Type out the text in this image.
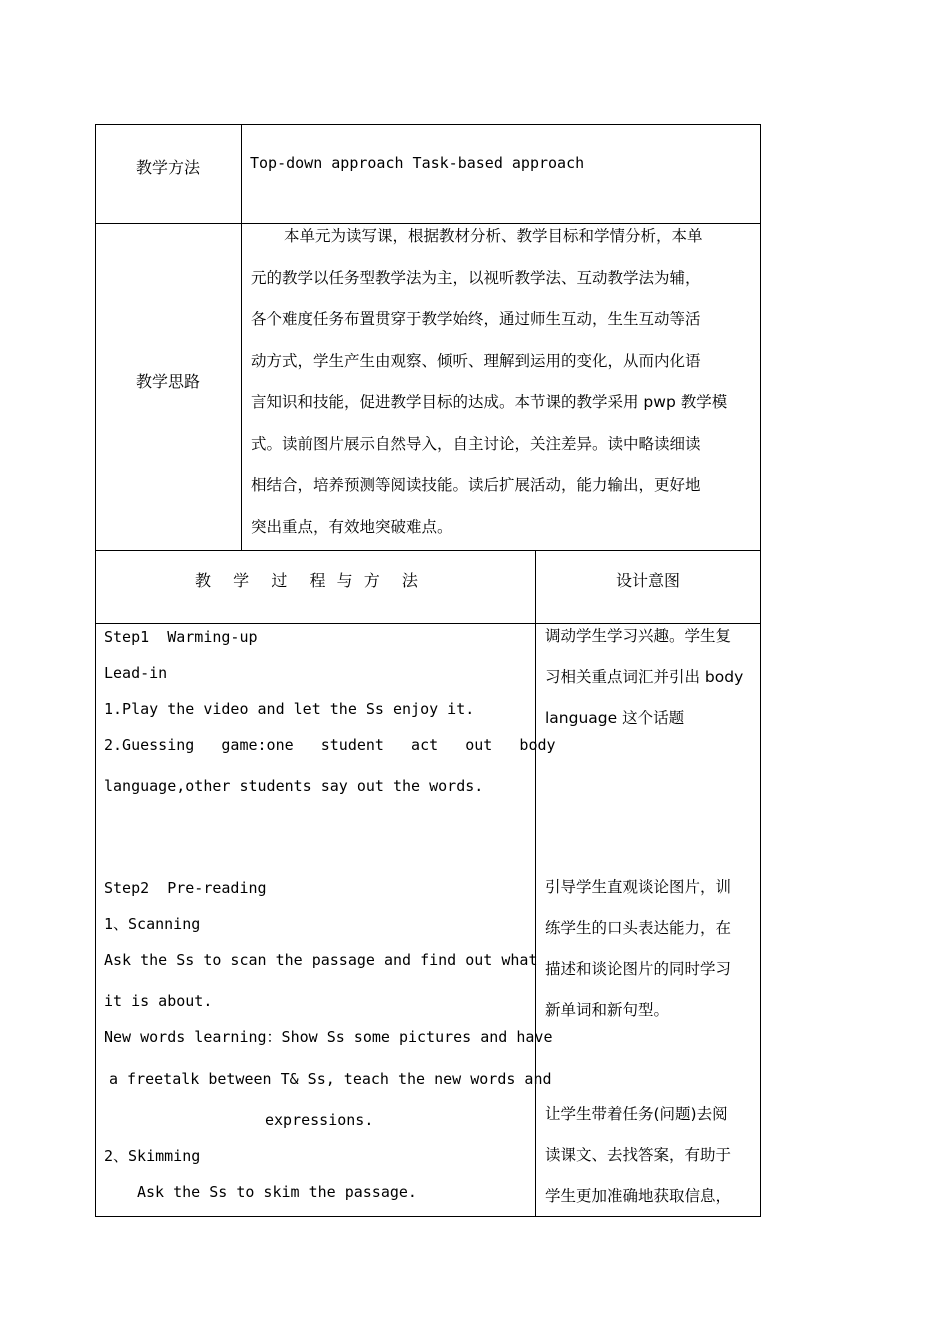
教学方法	Top-down approach Task-based approach
教学思路
本单元为读写课，根据教材分析、教学目标和学情分析，本单
元的教学以任务型教学法为主，以视听教学法、互动教学法为辅，
各个难度任务布置贯穿于教学始终，通过师生互动，生生互动等活
动方式，学生产生由观察、倾听、理解到运用的变化，从而内化语
言知识和技能，促进教学目标的达成。本节课的教学采用 pwp 教学模
式。读前图片展示自然导入，自主讨论，关注差异。读中略读细读
相结合，培养预测等阅读技能。读后扩展活动，能力输出，更好地
突出重点，有效地突破难点。
教  学  过  程 与 方  法	设计意图
Step1  Warming-up
Lead-in
1.Play the video and let the Ss enjoy it.
2.Guessing   game:one   student   act   out   body
language,other students say out the words.
Step2  Pre-reading
1、Scanning
Ask the Ss to scan the passage and find out what
it is about.
New words learning：Show Ss some pictures and have
a freetalk between T& Ss, teach the new words and
expressions.
2、Skimming
Ask the Ss to skim the passage.
调动学生学习兴趣。学生复
习相关重点词汇并引出 body
language 这个话题
引导学生直观谈论图片，训
练学生的口头表达能力，在
描述和谈论图片的同时学习
新单词和新句型。
让学生带着任务(问题)去阅
读课文、去找答案，有助于
学生更加准确地获取信息，
